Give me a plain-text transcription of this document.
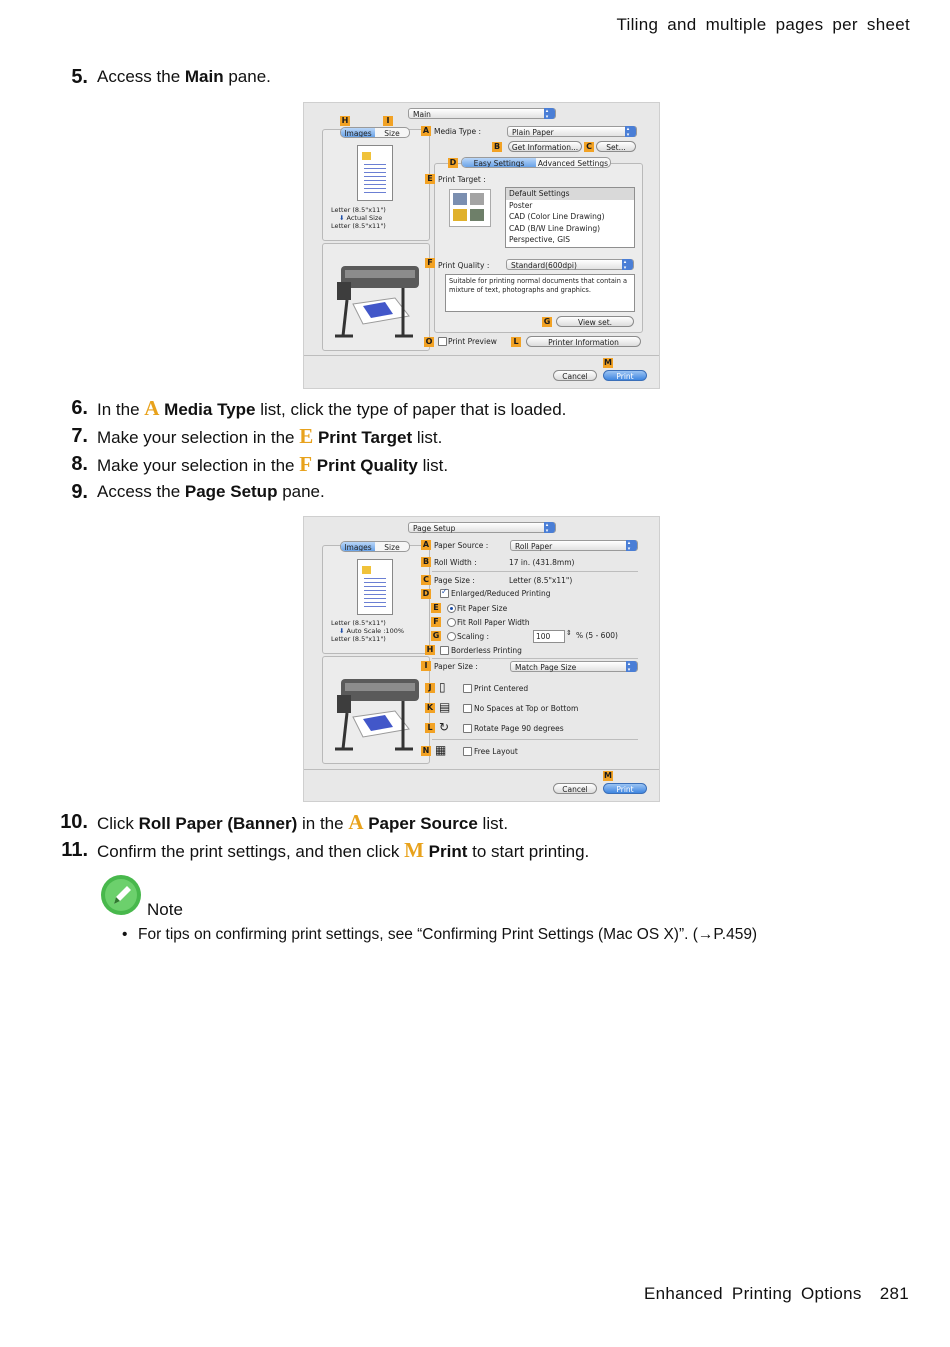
Tiling and multiple pages per sheet
5. Access the Main pane.
Main ▴▾
H	I
Images	Size
Letter (8.5"x11")
⬇ Actual Size
Letter (8.5"x11")
A Media Type :	Plain Paper ▴▾
B	Get Information... C	Set...
D	Easy Settings	Advanced Settings
E Print Target :
Default Settings
Poster
CAD (Color Line Drawing)
CAD (B/W Line Drawing)
Perspective, GIS
F Print Quality :	Standard(600dpi) ▴▾
Suitable for printing normal documents that contain a mixture of text, photographs and graphics.
G	View set.
O Print Preview	L	Printer Information
M
Cancel	Print
6. In the A Media Type list, click the type of paper that is loaded.
7. Make your selection in the E Print Target list.
8. Make your selection in the F Print Quality list.
9. Access the Page Setup pane.
Page Setup ▴▾
Images	Size
Letter (8.5"x11")
⬇ Auto Scale :100%
Letter (8.5"x11")
A Paper Source :	Roll Paper ▴▾
B Roll Width :	17 in. (431.8mm)
C Page Size :	Letter (8.5"x11")
D
✓	Enlarged/Reduced Printing
E	Fit Paper Size
F	Fit Roll Paper Width
G Scaling :	100	⇕ % (5 - 600)
H Borderless Printing
I Paper Size :	Match Page Size ▴▾
J ▯	Print Centered
K ▤	No Spaces at Top or Bottom
L ↻	Rotate Page 90 degrees
N ▦	Free Layout
M
Cancel	Print
10. Click Roll Paper (Banner) in the A Paper Source list.
11. Confirm the print settings, and then click M Print to start printing.
Note
• For tips on confirming print settings, see “Confirming Print Settings (Mac OS X)”. (→P.459)
Enhanced Printing Options 281
